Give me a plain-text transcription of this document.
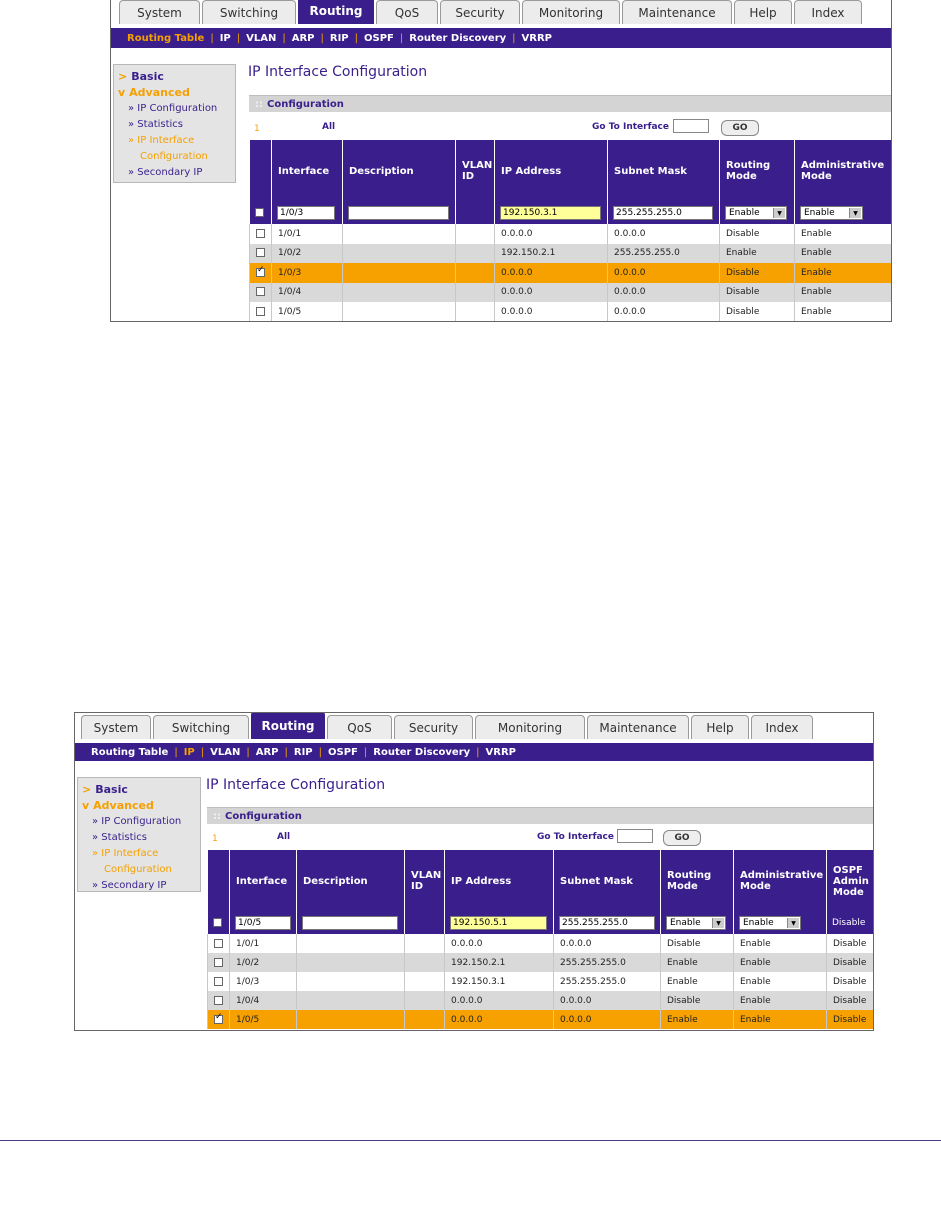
System	Switching	Routing	QoS	Security	Monitoring	Maintenance	Help	Index
Routing Table | IP | VLAN | ARP | RIP | OSPF | Router Discovery | VRRP
> Basic
v Advanced
» IP Configuration
» Statistics
» IP Interface
Configuration
» Secondary IP
IP Interface Configuration
:: Configuration
1	All	Go To Interface	GO
	Interface	Description	VLAN ID	IP Address	Subnet Mask	Routing Mode	Administrative Mode

	1/0/3			192.150.3.1	255.255.255.0	Enable ▼	Enable ▼

	1/0/1			0.0.0.0	0.0.0.0	Disable	Enable
	1/0/2			192.150.2.1	255.255.255.0	Enable	Enable
✓	1/0/3			0.0.0.0	0.0.0.0	Disable	Enable
	1/0/4			0.0.0.0	0.0.0.0	Disable	Enable
	1/0/5			0.0.0.0	0.0.0.0	Disable	Enable
System	Switching	Routing	QoS	Security	Monitoring	Maintenance	Help	Index
Routing Table | IP | VLAN | ARP | RIP | OSPF | Router Discovery | VRRP
> Basic
v Advanced
» IP Configuration
» Statistics
» IP Interface
Configuration
» Secondary IP
IP Interface Configuration
:: Configuration
1	All	Go To Interface	GO
	Interface	Description	VLAN ID	IP Address	Subnet Mask	Routing Mode	Administrative Mode	OSPF Admin Mode

	1/0/5			192.150.5.1	255.255.255.0	Enable ▼	Enable ▼	Disable
	1/0/1			0.0.0.0	0.0.0.0	Disable	Enable	Disable
	1/0/2			192.150.2.1	255.255.255.0	Enable	Enable	Disable
	1/0/3			192.150.3.1	255.255.255.0	Enable	Enable	Disable
	1/0/4			0.0.0.0	0.0.0.0	Disable	Enable	Disable
✓	1/0/5			0.0.0.0	0.0.0.0	Enable	Enable	Disable
